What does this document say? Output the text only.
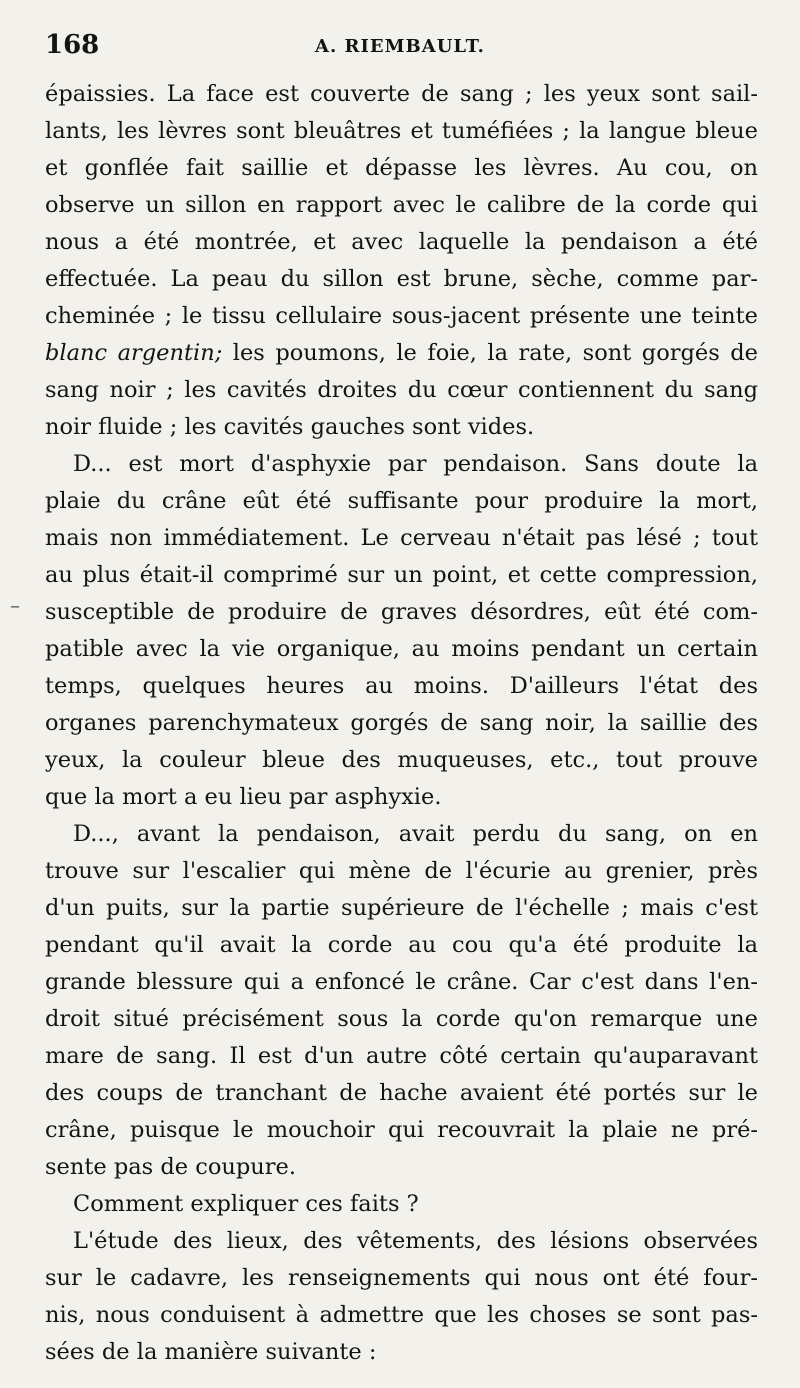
168	A. RIEMBAULT.
–
épaissies. La face est couverte de sang ; les yeux sont sail-
lants, les lèvres sont bleuâtres et tuméfiées ; la langue bleue
et gonflée fait saillie et dépasse les lèvres. Au cou, on
observe un sillon en rapport avec le calibre de la corde qui
nous a été montrée, et avec laquelle la pendaison a été
effectuée. La peau du sillon est brune, sèche, comme par-
cheminée ; le tissu cellulaire sous-jacent présente une teinte
blanc argentin; les poumons, le foie, la rate, sont gorgés de
sang noir ; les cavités droites du cœur contiennent du sang
noir fluide ; les cavités gauches sont vides.
D... est mort d'asphyxie par pendaison. Sans doute la
plaie du crâne eût été suffisante pour produire la mort,
mais non immédiatement. Le cerveau n'était pas lésé ; tout
au plus était-il comprimé sur un point, et cette compression,
susceptible de produire de graves désordres, eût été com-
patible avec la vie organique, au moins pendant un certain
temps, quelques heures au moins. D'ailleurs l'état des
organes parenchymateux gorgés de sang noir, la saillie des
yeux, la couleur bleue des muqueuses, etc., tout prouve
que la mort a eu lieu par asphyxie.
D..., avant la pendaison, avait perdu du sang, on en
trouve sur l'escalier qui mène de l'écurie au grenier, près
d'un puits, sur la partie supérieure de l'échelle ; mais c'est
pendant qu'il avait la corde au cou qu'a été produite la
grande blessure qui a enfoncé le crâne. Car c'est dans l'en-
droit situé précisément sous la corde qu'on remarque une
mare de sang. Il est d'un autre côté certain qu'auparavant
des coups de tranchant de hache avaient été portés sur le
crâne, puisque le mouchoir qui recouvrait la plaie ne pré-
sente pas de coupure.
Comment expliquer ces faits ?
L'étude des lieux, des vêtements, des lésions observées
sur le cadavre, les renseignements qui nous ont été four-
nis, nous conduisent à admettre que les choses se sont pas-
sées de la manière suivante :
